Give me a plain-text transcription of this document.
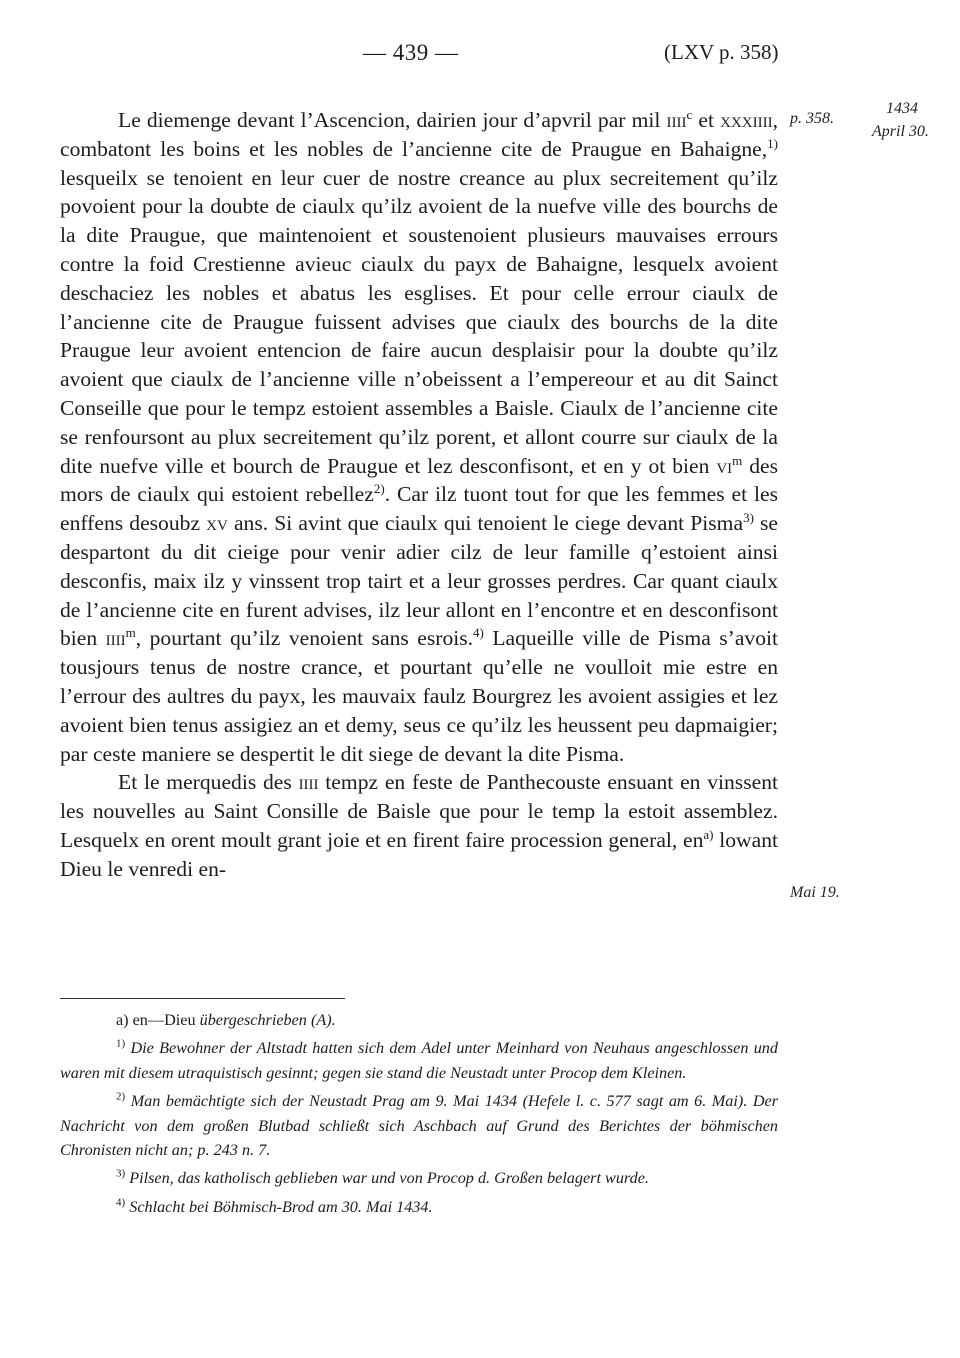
— 439 —	(LXV p. 358)
1434
April 30.
p. 358.
Mai 19.

Le diemenge devant l’Ascencion, dairien jour d’apvril par mil iiii$^c$ et xxxiiii, combatont les boins et les nobles de l’ancienne cite de Praugue en Bahaigne,$^{1)}$ lesqueilx se tenoient en leur cuer de nostre creance au plux secreitement qu’ilz povoient pour la doubte de ciaulx qu’ilz avoient de la nuefve ville des bourchs de la dite Praugue, que maintenoient et soustenoient plusieurs mauvaises errours contre la foid Crestienne avieuc ciaulx du payx de Bahaigne, lesquelx avoient deschaciez les nobles et abatus les esglises. Et pour celle errour ciaulx de l’ancienne cite de Praugue fuissent advises que ciaulx des bourchs de la dite Praugue leur avoient entencion de faire aucun desplaisir pour la doubte qu’ilz avoient que ciaulx de l’ancienne ville n’obeissent a l’empereour et au dit Sainct Conseille que pour le tempz estoient assembles a Baisle. Ciaulx de l’ancienne cite se renfoursont au plux secreitement qu’ilz porent, et allont courre sur ciaulx de la dite nuefve ville et bourch de Praugue et lez desconfisont, et en y ot bien $vi^m$ des mors de ciaulx qui estoient rebellez$^{2)}$. Car ilz tuont tout for que les femmes et les enffens desoubz xv ans. Si avint que ciaulx qui tenoient le ciege devant Pisma$^{3)}$ se despartont du dit cieige pour venir adier cilz de leur famille q’estoient ainsi desconfis, maix ilz y vinssent trop tairt et a leur grosses perdres. Car quant ciaulx de l’ancienne cite en furent advises, ilz leur allont en l’encontre et en desconfisont bien iiii$^m$, pourtant qu’ilz venoient sans esrois.$^{4)}$ Laqueille ville de Pisma s’avoit tousjours tenus de nostre crance, et pourtant qu’elle ne voulloit mie estre en l’errour des aultres du payx, les mauvaix faulz Bourgrez les avoient assigies et lez avoient bien tenus assigiez an et demy, seus ce qu’ilz les heussent peu dapmaigier; par ceste maniere se despertit le dit siege de devant la dite Pisma.

Et le merquedis des iiii tempz en feste de Panthecouste ensuant en vinssent les nouvelles au Saint Consille de Baisle que pour le temp la estoit assemblez. Lesquelx en orent moult grant joie et en firent faire procession general, $en^{a)}$ lowant Dieu le venredi en-

a) en—Dieu übergeschrieben (A).

$^{1)}$ Die Bewohner der Altstadt hatten sich dem Adel unter Meinhard von Neuhaus angeschlossen und waren mit diesem utraquistisch gesinnt; gegen sie stand die Neustadt unter Procop dem Kleinen.

$^{2)}$ Man bemächtigte sich der Neustadt Prag am 9. Mai 1434 (Hefele l. c. 577 sagt am 6. Mai). Der Nachricht von dem großen Blutbad schließt sich Aschbach auf Grund des Berichtes der böhmischen Chronisten nicht an; p. 243 n. 7.

$^{3)}$ Pilsen, das katholisch geblieben war und von Procop d. Großen belagert wurde.

$^{4)}$ Schlacht bei Böhmisch-Brod am 30. Mai 1434.
